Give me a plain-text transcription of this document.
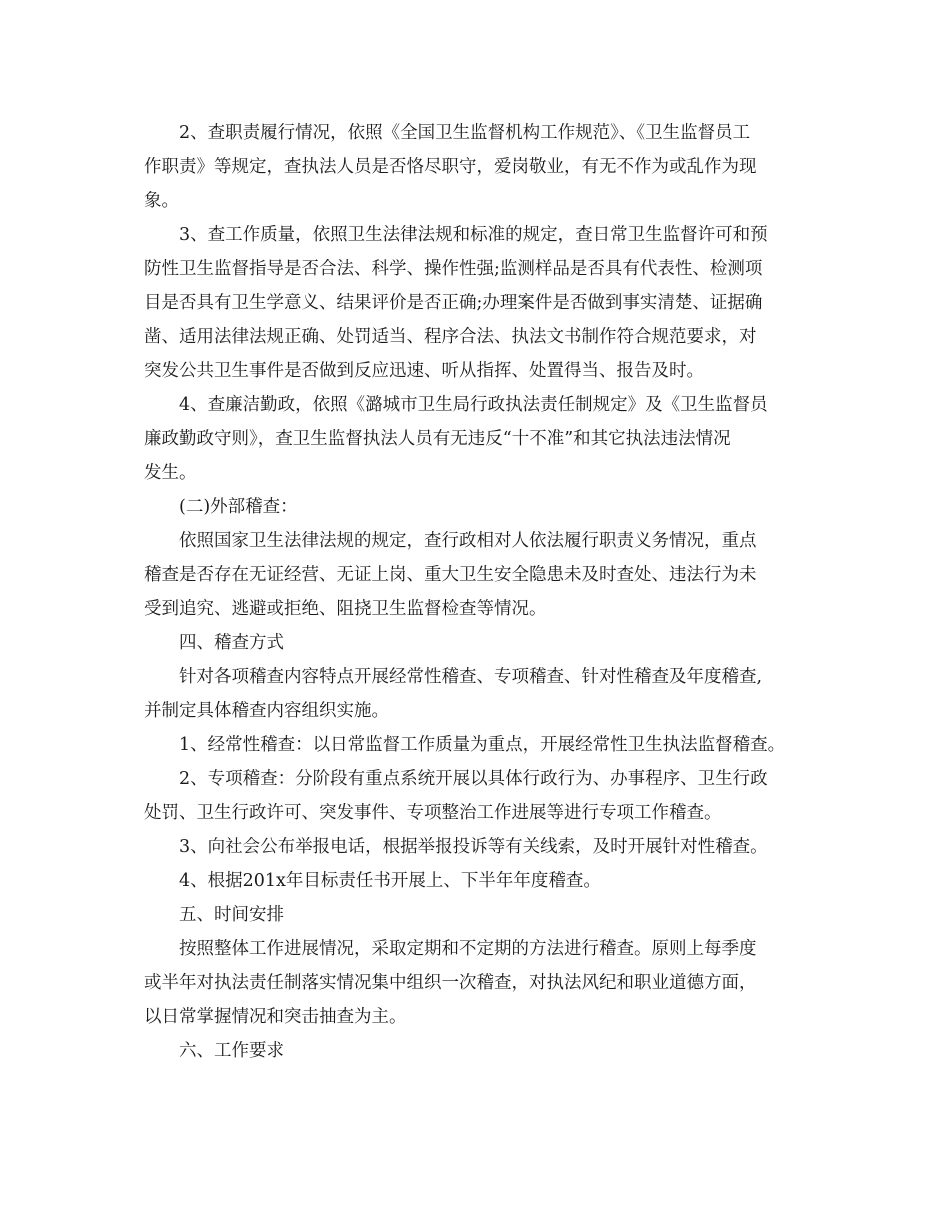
2、查职责履行情况，依照《全国卫生监督机构工作规范》、《卫生监督员工
作职责》等规定，查执法人员是否恪尽职守，爱岗敬业，有无不作为或乱作为现
象。

3、查工作质量，依照卫生法律法规和标准的规定，查日常卫生监督许可和预
防性卫生监督指导是否合法、科学、操作性强;监测样品是否具有代表性、检测项
目是否具有卫生学意义、结果评价是否正确;办理案件是否做到事实清楚、证据确
凿、适用法律法规正确、处罚适当、程序合法、执法文书制作符合规范要求，对
突发公共卫生事件是否做到反应迅速、听从指挥、处置得当、报告及时。

4、查廉洁勤政，依照《潞城市卫生局行政执法责任制规定》及《卫生监督员
廉政勤政守则》，查卫生监督执法人员有无违反“十不准”和其它执法违法情况
发生。

(二)外部稽查：

依照国家卫生法律法规的规定，查行政相对人依法履行职责义务情况，重点
稽查是否存在无证经营、无证上岗、重大卫生安全隐患未及时查处、违法行为未
受到追究、逃避或拒绝、阻挠卫生监督检查等情况。

四、稽查方式

针对各项稽查内容特点开展经常性稽查、专项稽查、针对性稽查及年度稽查,
并制定具体稽查内容组织实施。

1、经常性稽查：以日常监督工作质量为重点，开展经常性卫生执法监督稽查。

2、专项稽查：分阶段有重点系统开展以具体行政行为、办事程序、卫生行政
处罚、卫生行政许可、突发事件、专项整治工作进展等进行专项工作稽查。

3、向社会公布举报电话，根据举报投诉等有关线索，及时开展针对性稽查。

4、根据201x年目标责任书开展上、下半年年度稽查。

五、时间安排

按照整体工作进展情况，采取定期和不定期的方法进行稽查。原则上每季度
或半年对执法责任制落实情况集中组织一次稽查，对执法风纪和职业道德方面，
以日常掌握情况和突击抽查为主。

六、工作要求
